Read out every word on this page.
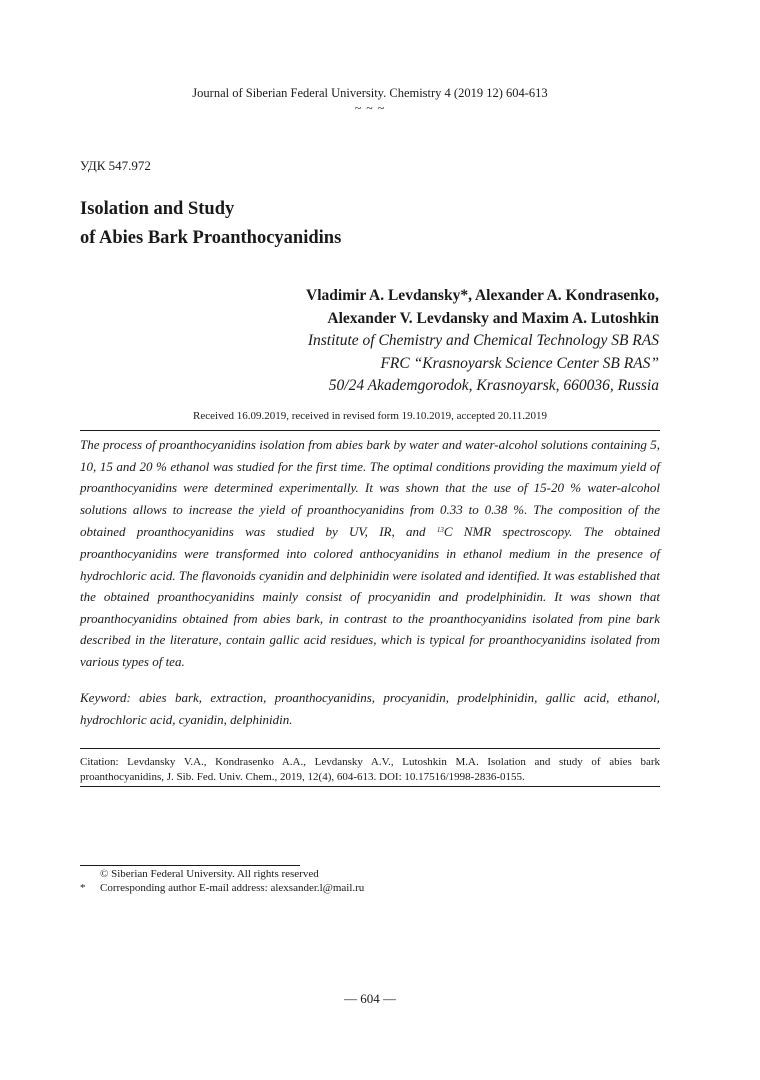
Journal of Siberian Federal University. Chemistry 4 (2019 12) 604-613
~ ~ ~
УДК 547.972
Isolation and Study
of Abies Bark Proanthocyanidins
Vladimir A. Levdansky*, Alexander A. Kondrasenko,
Alexander V. Levdansky and Maxim A. Lutoshkin
Institute of Chemistry and Chemical Technology SB RAS
FRC “Krasnoyarsk Science Center SB RAS”
50/24 Akademgorodok, Krasnoyarsk, 660036, Russia
Received 16.09.2019, received in revised form 19.10.2019, accepted 20.11.2019
The process of proanthocyanidins isolation from abies bark by water and water-alcohol solutions containing 5, 10, 15 and 20 % ethanol was studied for the first time. The optimal conditions providing the maximum yield of proanthocyanidins were determined experimentally. It was shown that the use of 15-20 % water-alcohol solutions allows to increase the yield of proanthocyanidins from 0.33 to 0.38 %. The composition of the obtained proanthocyanidins was studied by UV, IR, and $^{13}$C NMR spectroscopy. The obtained proanthocyanidins were transformed into colored anthocyanidins in ethanol medium in the presence of hydrochloric acid. The flavonoids cyanidin and delphinidin were isolated and identified. It was established that the obtained proanthocyanidins mainly consist of procyanidin and prodelphinidin. It was shown that proanthocyanidins obtained from abies bark, in contrast to the proanthocyanidins isolated from pine bark described in the literature, contain gallic acid residues, which is typical for proanthocyanidins isolated from various types of tea.
Keyword: abies bark, extraction, proanthocyanidins, procyanidin, prodelphinidin, gallic acid, ethanol, hydrochloric acid, cyanidin, delphinidin.
Citation: Levdansky V.A., Kondrasenko A.A., Levdansky A.V., Lutoshkin M.A. Isolation and study of abies bark proanthocyanidins, J. Sib. Fed. Univ. Chem., 2019, 12(4), 604-613. DOI: 10.17516/1998-2836-0155.
© Siberian Federal University. All rights reserved
* Corresponding author E-mail address: alexsander.l@mail.ru
— 604 —
